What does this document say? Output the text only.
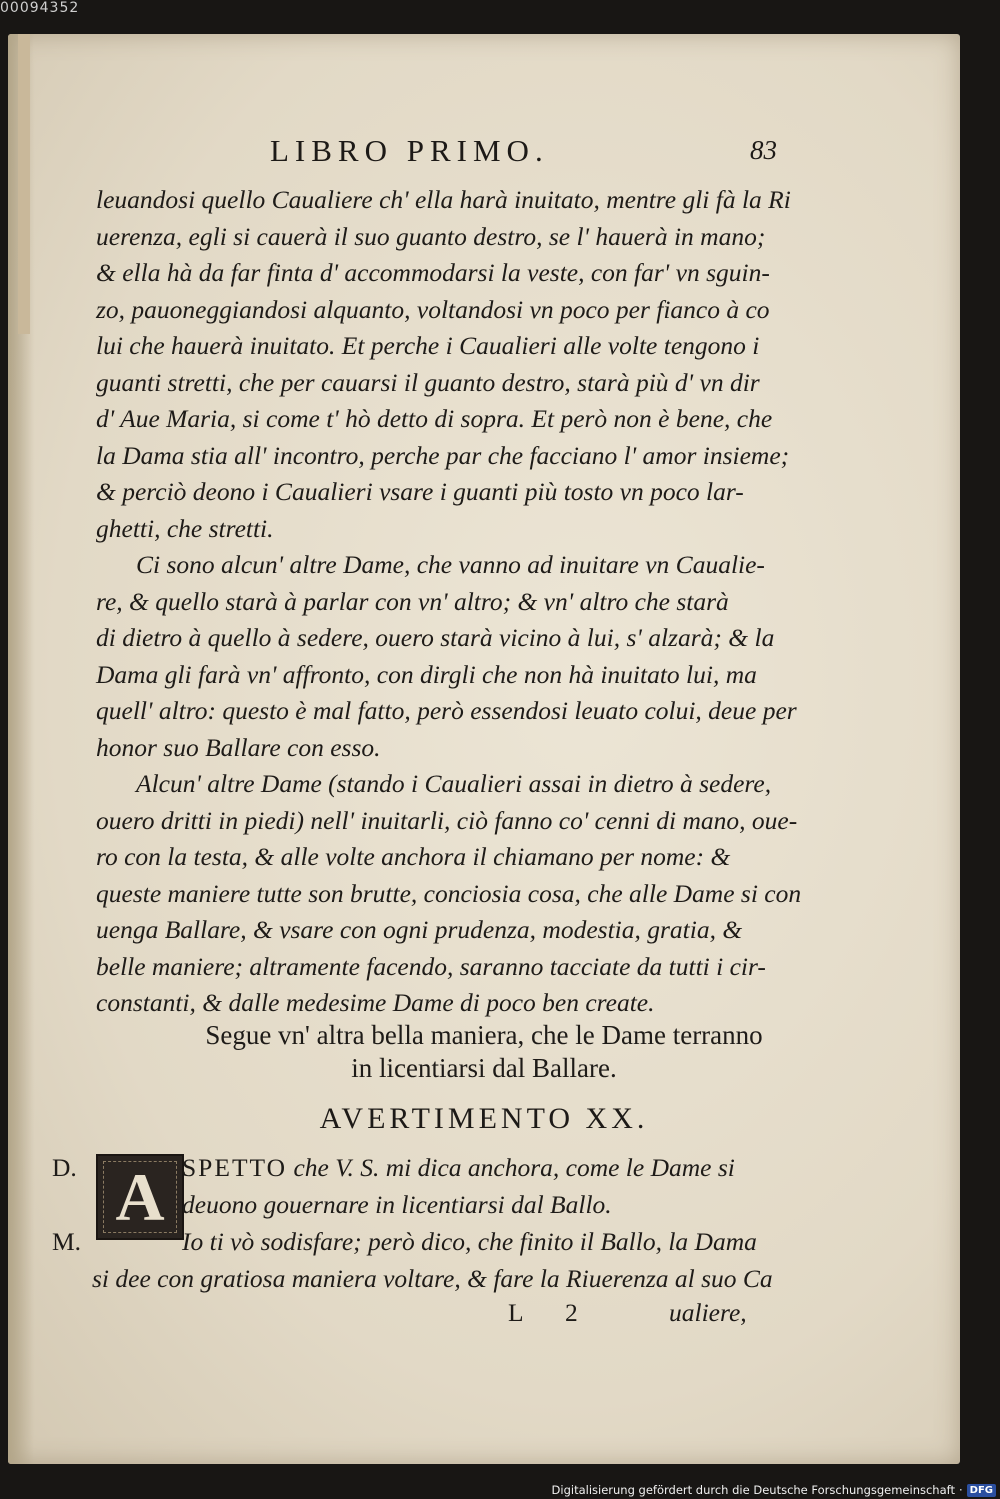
00094352
LIBRO PRIMO.	83
leuandosi quello Caualiere ch' ella harà inuitato, mentre gli fà la Ri
uerenza, egli si cauerà il suo guanto destro, se l' hauerà in mano;
& ella hà da far finta d' accommodarsi la veste, con far' vn sguin-
zo, pauoneggiandosi alquanto, voltandosi vn poco per fianco à co
lui che hauerà inuitato. Et perche i Caualieri alle volte tengono i
guanti stretti, che per cauarsi il guanto destro, starà più d' vn dir
d' Aue Maria, si come t' hò detto di sopra. Et però non è bene, che
la Dama stia all' incontro, perche par che facciano l' amor insieme;
& perciò deono i Caualieri vsare i guanti più tosto vn poco lar-
ghetti, che stretti.
Ci sono alcun' altre Dame, che vanno ad inuitare vn Caualie-
re, & quello starà à parlar con vn' altro; & vn' altro che starà
di dietro à quello à sedere, ouero starà vicino à lui, s' alzarà; & la
Dama gli farà vn' affronto, con dirgli che non hà inuitato lui, ma
quell' altro: questo è mal fatto, però essendosi leuato colui, deue per
honor suo Ballare con esso.
Alcun' altre Dame (stando i Caualieri assai in dietro à sedere,
ouero dritti in piedi) nell' inuitarli, ciò fanno co' cenni di mano, oue-
ro con la testa, & alle volte anchora il chiamano per nome: &
queste maniere tutte son brutte, conciosia cosa, che alle Dame si con
uenga Ballare, & vsare con ogni prudenza, modestia, gratia, &
belle maniere; altramente facendo, saranno tacciate da tutti i cir-
constanti, & dalle medesime Dame di poco ben create.
Segue vn' altra bella maniera, che le Dame terranno
in licentiarsi dal Ballare.
AVERTIMENTO XX.
A
D.	SPETTO che V. S. mi dica anchora, come le Dame si
deuono gouernare in licentiarsi dal Ballo.
M.	Io ti vò sodisfare; però dico, che finito il Ballo, la Dama
si dee con gratiosa maniera voltare, & fare la Riuerenza al suo Ca
L 2	ualiere,
Digitalisierung gefördert durch die Deutsche Forschungsgemeinschaft · DFG
